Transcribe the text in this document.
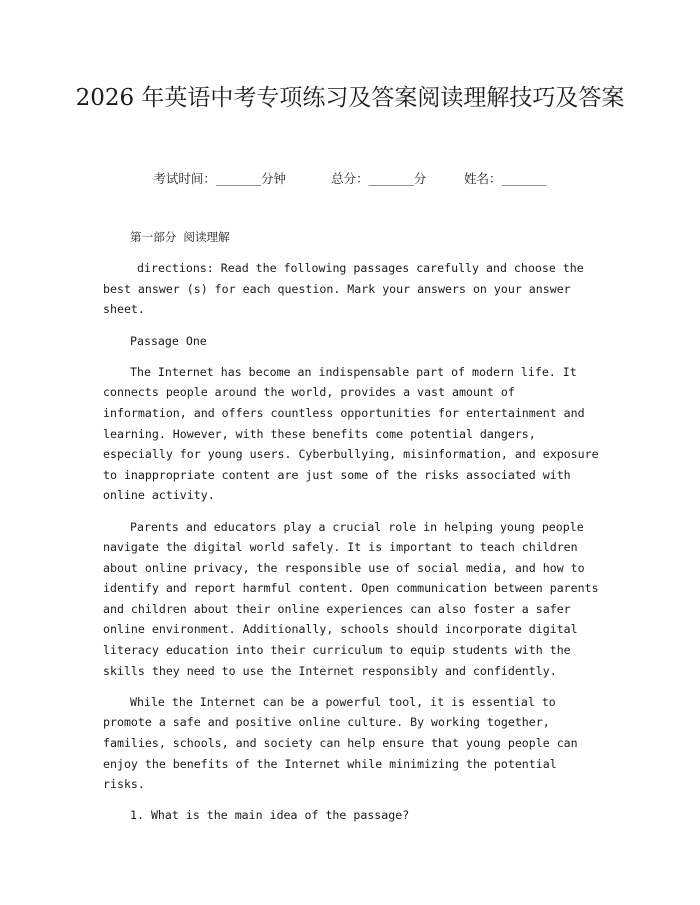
2026 年英语中考专项练习及答案阅读理解技巧及答案
考试时间：______分钟	总分：______分	姓名：______

第一部分 阅读理解

directions: Read the following passages carefully and choose the best answer (s) for each question. Mark your answers on your answer sheet.

Passage One

The Internet has become an indispensable part of modern life. It connects people around the world, provides a vast amount of information, and offers countless opportunities for entertainment and learning. However, with these benefits come potential dangers, especially for young users. Cyberbullying, misinformation, and exposure to inappropriate content are just some of the risks associated with online activity.

Parents and educators play a crucial role in helping young people navigate the digital world safely. It is important to teach children about online privacy, the responsible use of social media, and how to identify and report harmful content. Open communication between parents and children about their online experiences can also foster a safer online environment. Additionally, schools should incorporate digital literacy education into their curriculum to equip students with the skills they need to use the Internet responsibly and confidently.

While the Internet can be a powerful tool, it is essential to promote a safe and positive online culture. By working together, families, schools, and society can help ensure that young people can enjoy the benefits of the Internet while minimizing the potential risks.

1. What is the main idea of the passage?
